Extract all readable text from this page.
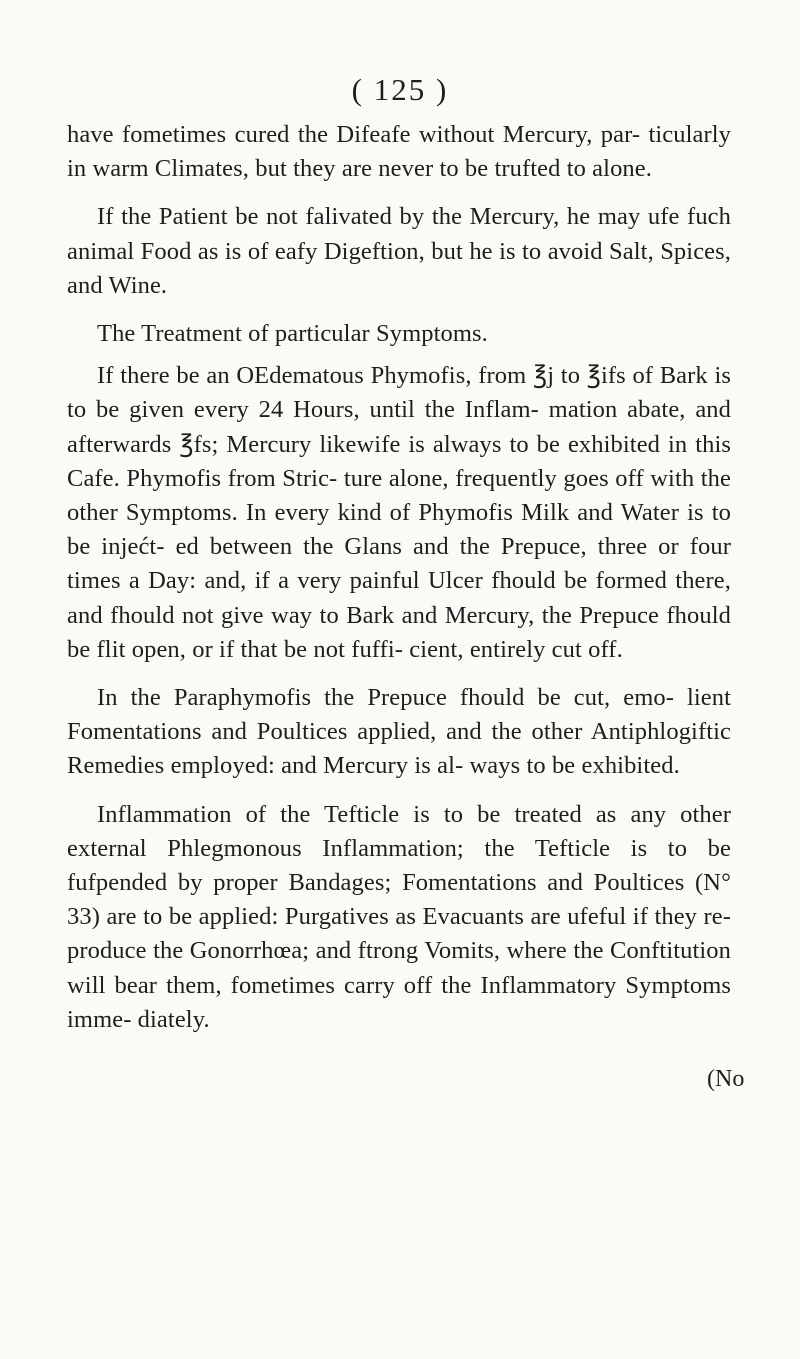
( 125 )

have fometimes cured the Difeafe without Mercury, par- ticularly in warm Climates, but they are never to be trufted to alone.

If the Patient be not falivated by the Mercury, he may ufe fuch animal Food as is of eafy Digeftion, but he is to avoid Salt, Spices, and Wine.

The Treatment of particular Symptoms.

If there be an OEdematous Phymofis, from ℥j to ℥ifs of Bark is to be given every 24 Hours, until the Inflam- mation abate, and afterwards ℥fs; Mercury likewife is always to be exhibited in this Cafe. Phymofis from Stric- ture alone, frequently goes off with the other Symptoms. In every kind of Phymofis Milk and Water is to be injećt- ed between the Glans and the Prepuce, three or four times a Day: and, if a very painful Ulcer fhould be formed there, and fhould not give way to Bark and Mercury, the Prepuce fhould be flit open, or if that be not fuffi- cient, entirely cut off.

In the Paraphymofis the Prepuce fhould be cut, emo- lient Fomentations and Poultices applied, and the other Antiphlogiftic Remedies employed: and Mercury is al- ways to be exhibited.

Inflammation of the Tefticle is to be treated as any other external Phlegmonous Inflammation; the Tefticle is to be fufpended by proper Bandages; Fomentations and Poultices (N° 33) are to be applied: Purgatives as Evacuants are ufeful if they re-produce the Gonorrhœa; and ftrong Vomits, where the Conftitution will bear them, fometimes carry off the Inflammatory Symptoms imme- diately.

(No
